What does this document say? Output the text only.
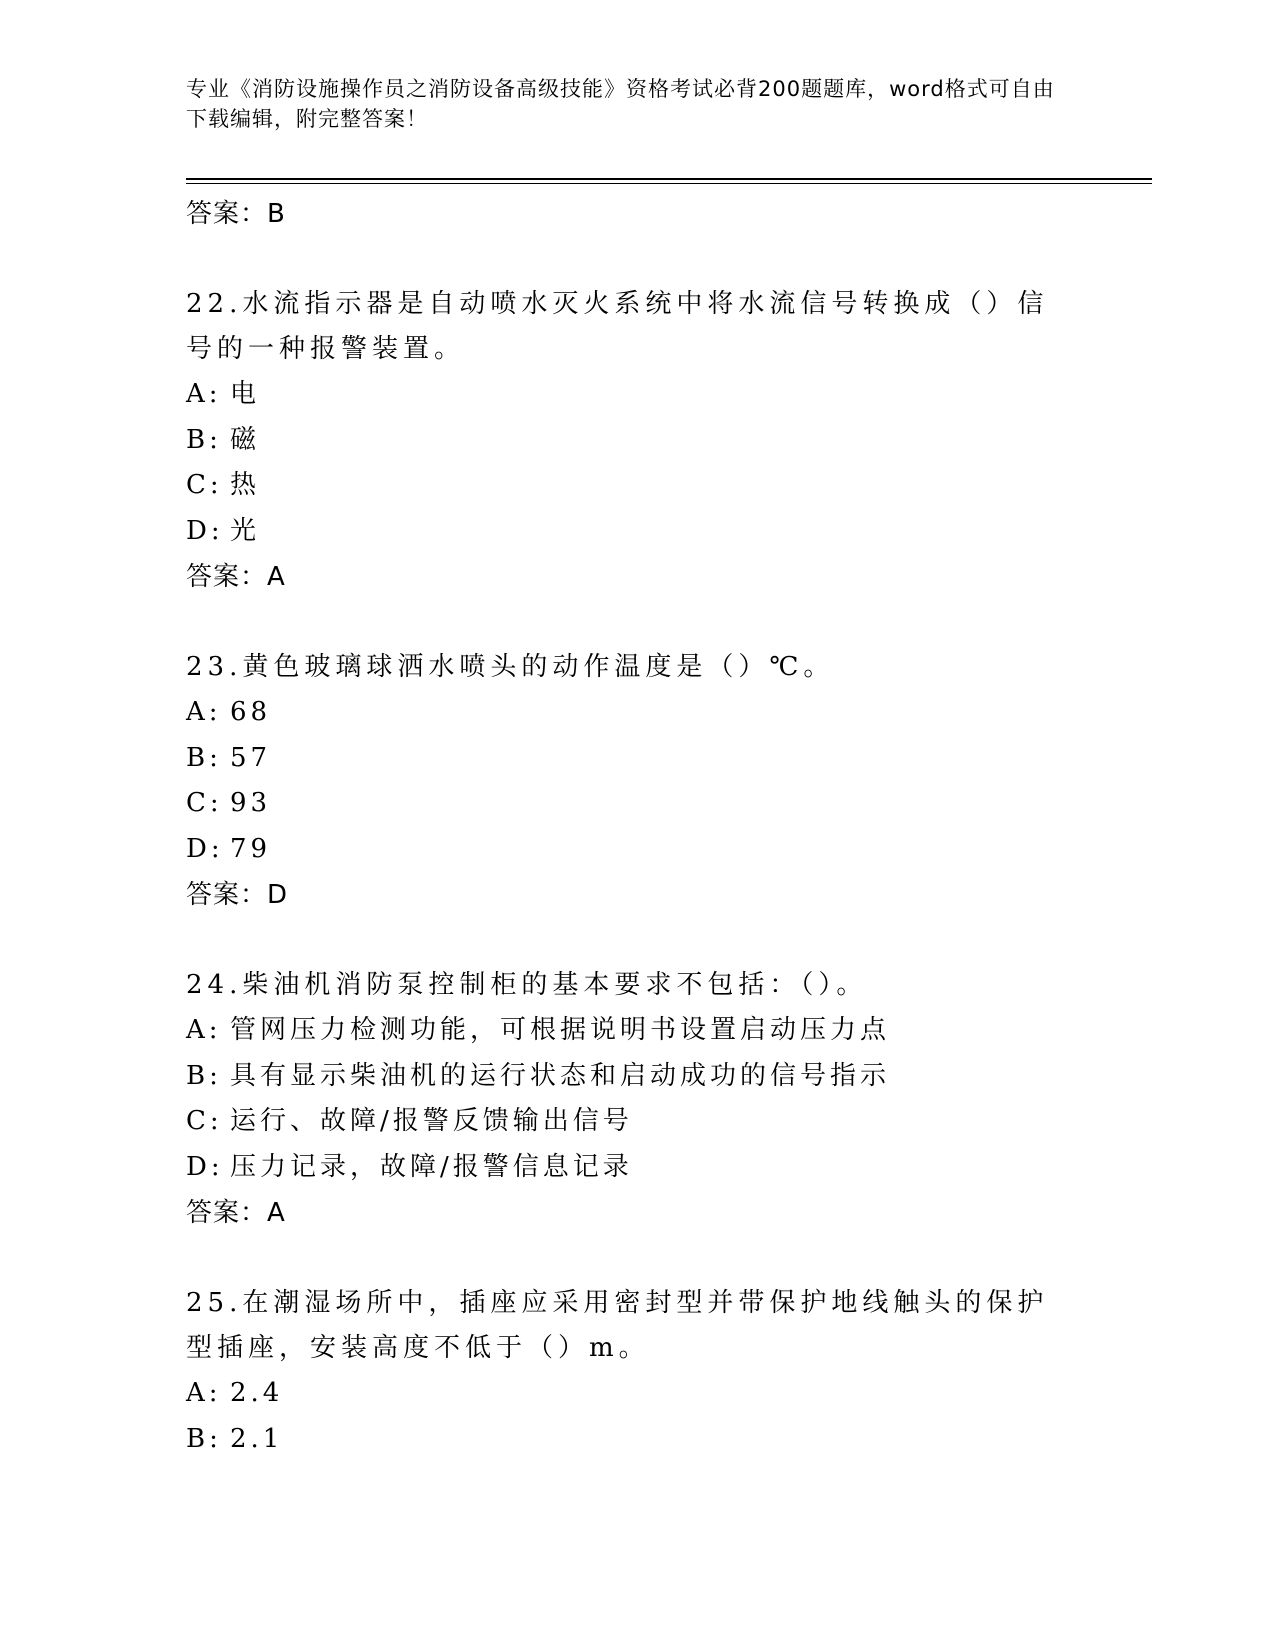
专业《消防设施操作员之消防设备高级技能》资格考试必背200题题库，word格式可自由下载编辑，附完整答案！
答案：B
22.水流指示器是自动喷水灭火系统中将水流信号转换成（）信号的一种报警装置。
A: 电
B: 磁
C: 热
D: 光
答案：A
23.黄色玻璃球洒水喷头的动作温度是（）℃。
A: 68
B: 57
C: 93
D: 79
答案：D
24.柴油机消防泵控制柜的基本要求不包括：（）。
A: 管网压力检测功能，可根据说明书设置启动压力点
B: 具有显示柴油机的运行状态和启动成功的信号指示
C: 运行、故障/报警反馈输出信号
D: 压力记录，故障/报警信息记录
答案：A
25.在潮湿场所中，插座应采用密封型并带保护地线触头的保护型插座，安装高度不低于（）m。
A: 2.4
B: 2.1
